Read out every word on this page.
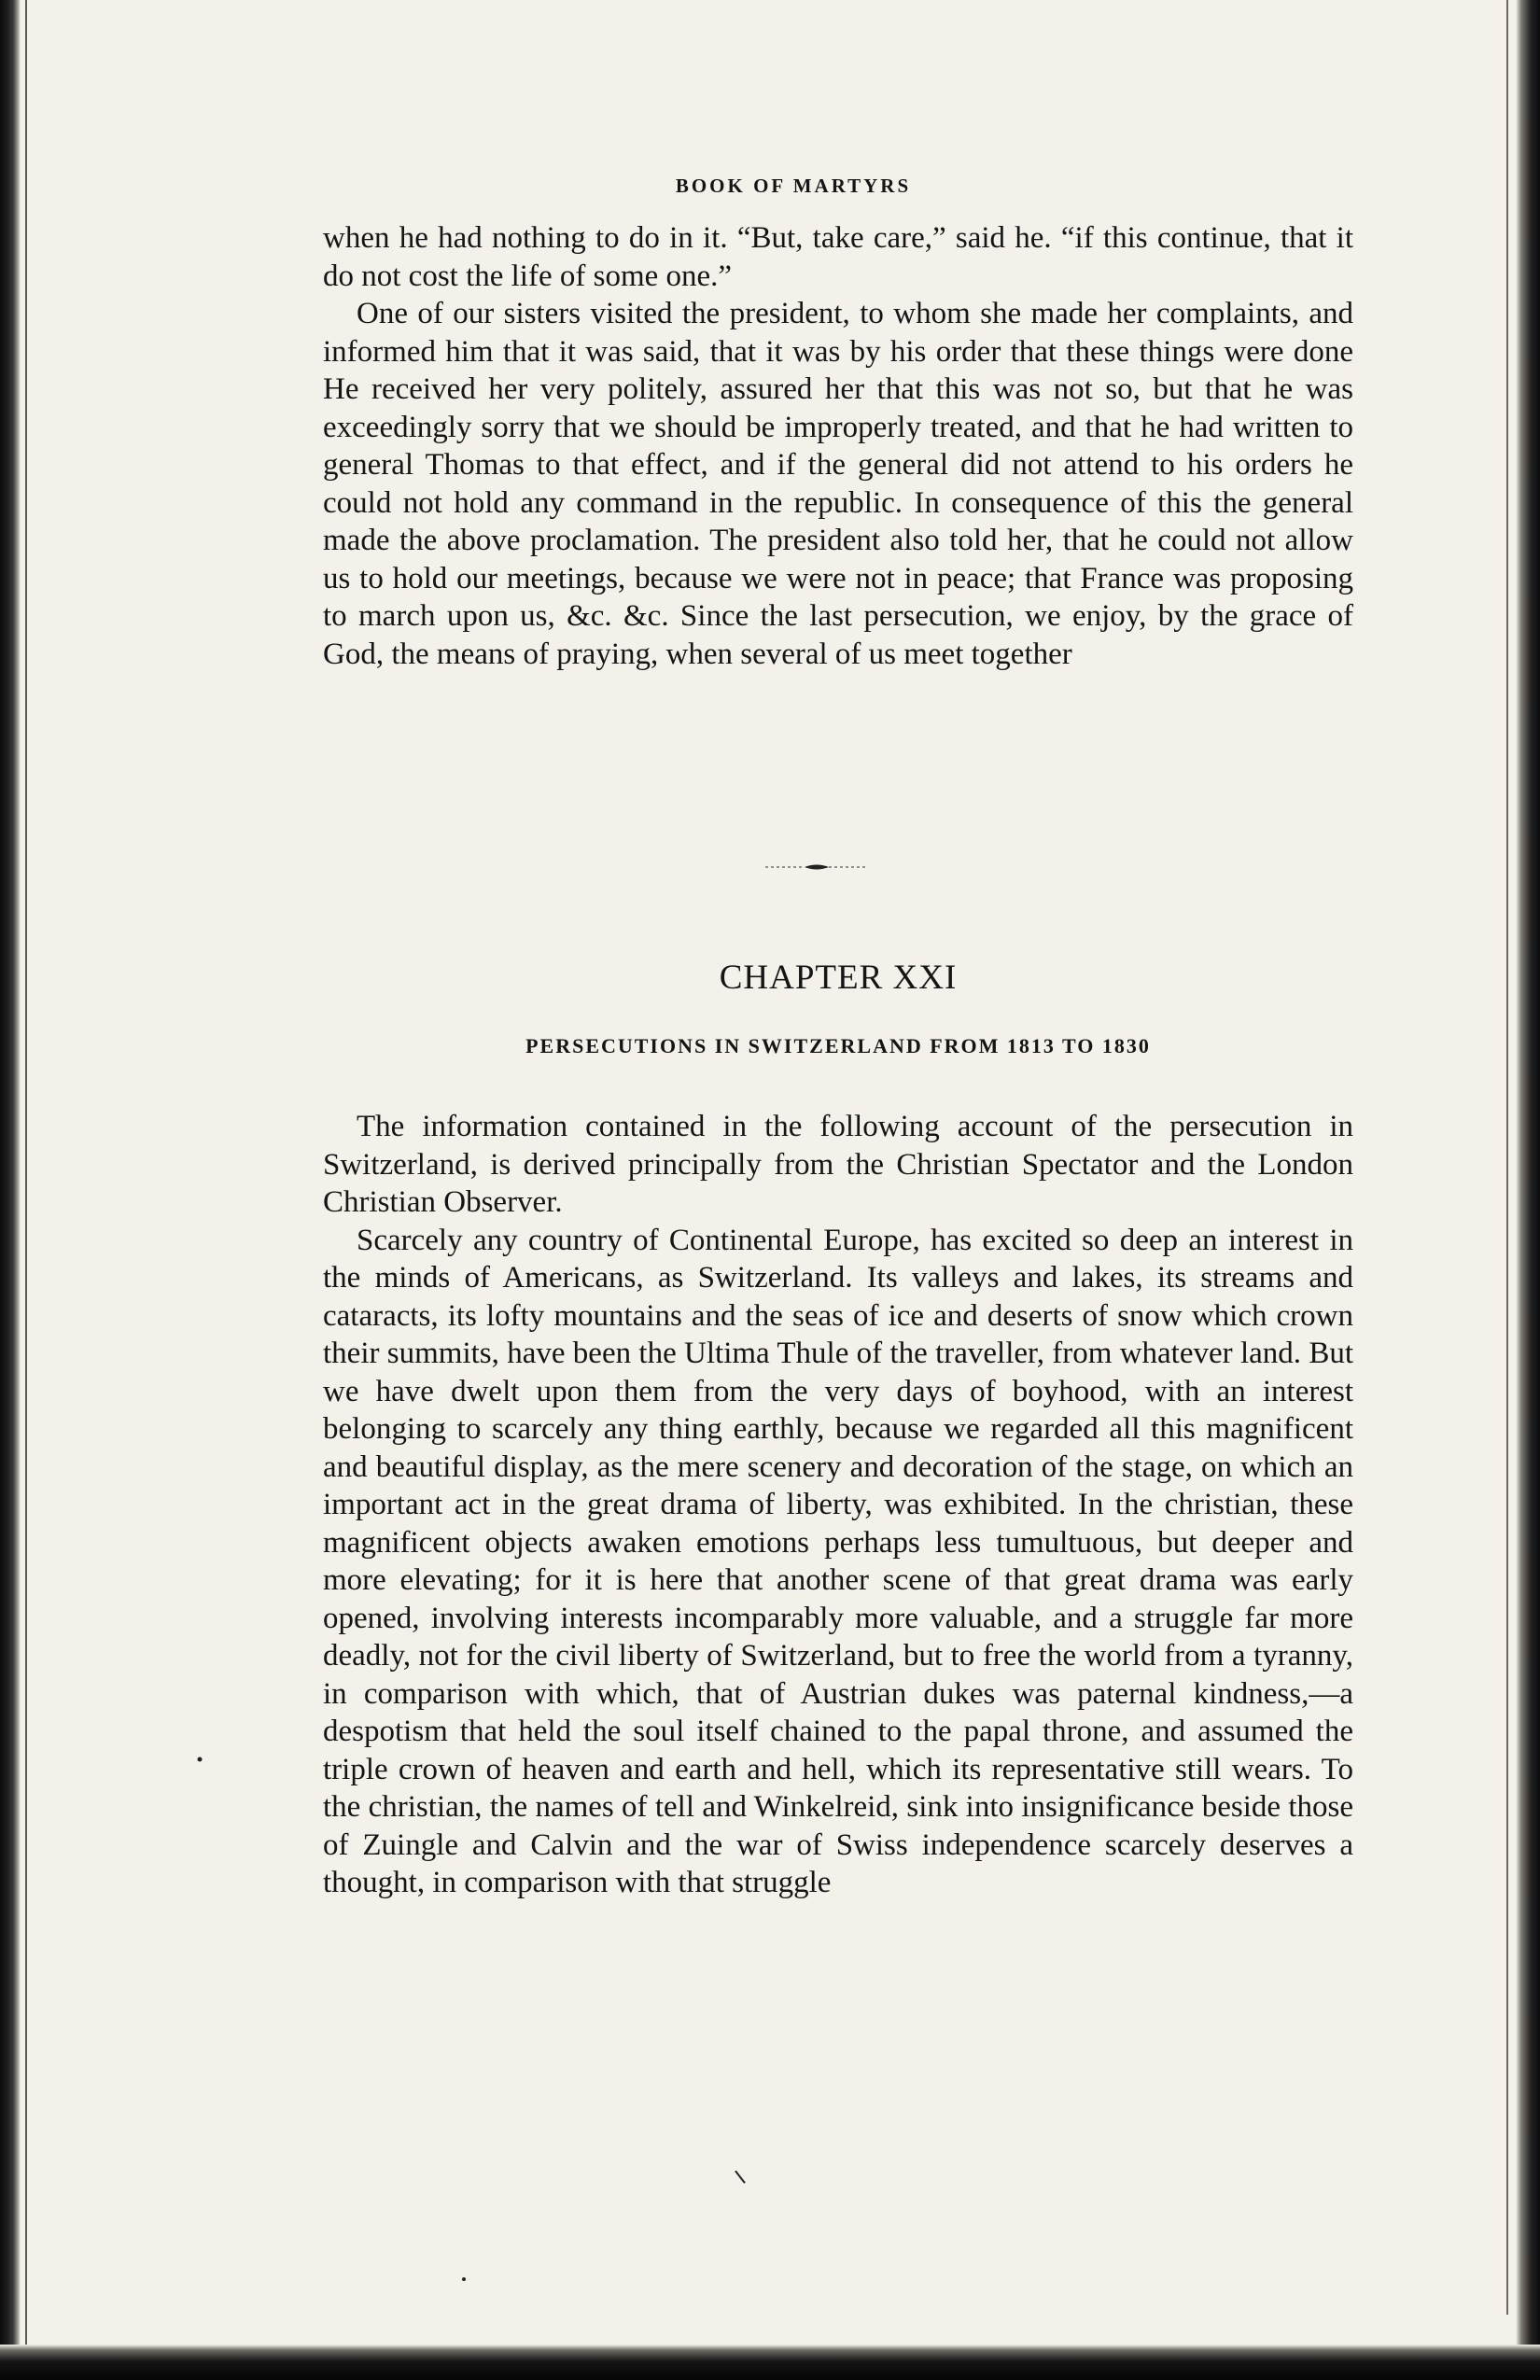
BOOK OF MARTYRS

when he had nothing to do in it. “But, take care,” said he. “if this continue, that it do not cost the life of some one.”

One of our sisters visited the president, to whom she made her complaints, and informed him that it was said, that it was by his order that these things were done He received her very politely, assured her that this was not so, but that he was exceedingly sorry that we should be improperly treated, and that he had written to general Thomas to that effect, and if the general did not attend to his orders he could not hold any command in the republic. In consequence of this the general made the above proclamation. The president also told her, that he could not allow us to hold our meetings, because we were not in peace; that France was proposing to march upon us, &c. &c. Since the last persecution, we enjoy, by the grace of God, the means of praying, when several of us meet together

CHAPTER XXI
PERSECUTIONS IN SWITZERLAND FROM 1813 TO 1830

The information contained in the following account of the persecution in Switzerland, is derived principally from the Christian Spectator and the London Christian Observer.

Scarcely any country of Continental Europe, has excited so deep an interest in the minds of Americans, as Switzerland. Its valleys and lakes, its streams and cataracts, its lofty mountains and the seas of ice and deserts of snow which crown their summits, have been the Ultima Thule of the traveller, from whatever land. But we have dwelt upon them from the very days of boyhood, with an interest belonging to scarcely any thing earthly, because we regarded all this magnificent and beautiful display, as the mere scenery and decoration of the stage, on which an important act in the great drama of liberty, was exhibited. In the christian, these magnificent objects awaken emotions perhaps less tumultuous, but deeper and more elevating; for it is here that another scene of that great drama was early opened, involving interests incomparably more valuable, and a struggle far more deadly, not for the civil liberty of Switzerland, but to free the world from a tyranny, in comparison with which, that of Austrian dukes was paternal kindness,—a despotism that held the soul itself chained to the papal throne, and assumed the triple crown of heaven and earth and hell, which its representative still wears. To the christian, the names of tell and Winkelreid, sink into insignificance beside those of Zuingle and Calvin and the war of Swiss independence scarcely deserves a thought, in comparison with that struggle
